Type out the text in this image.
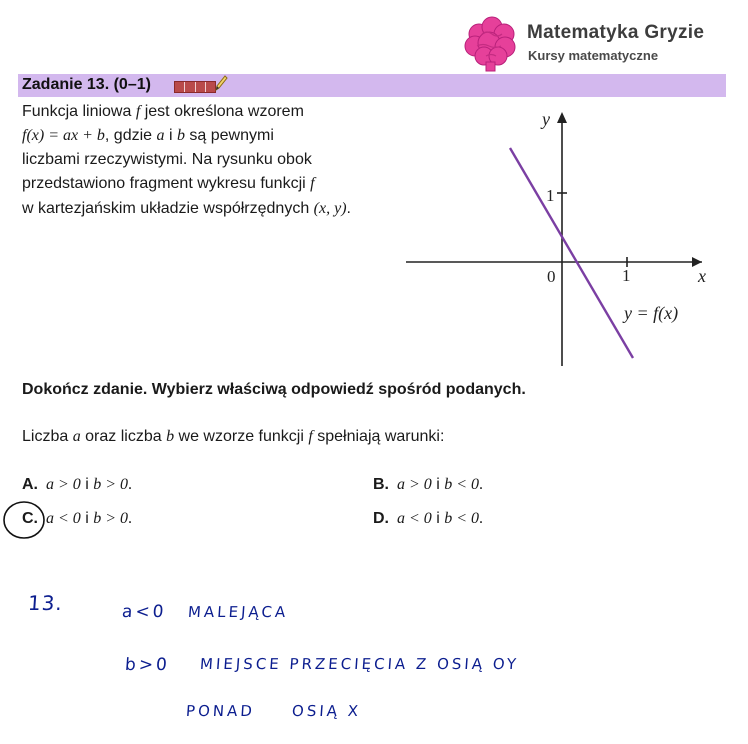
Matematyka Gryzie
Kursy matematyczne
Zadanie 13. (0–1)
Funkcja liniowa f jest określona wzorem
f(x) = ax + b, gdzie a i b są pewnymi
liczbami rzeczywistymi. Na rysunku obok
przedstawiono fragment wykresu funkcji f
w kartezjańskim układzie współrzędnych (x, y).
y
x
0	1
1
y = f(x)
Dokończ zdanie. Wybierz właściwą odpowiedź spośród podanych.
Liczba a oraz liczba b we wzorze funkcji f spełniają warunki:
A. a > 0 i b > 0.	B. a > 0 i b < 0.
C. a < 0 i b > 0.	D. a < 0 i b < 0.
13.	a<0 MALEJĄCA
b>0 MIEJSCE PRZECIĘCIA Z OSIĄ OY
PONAD OSIĄ X
